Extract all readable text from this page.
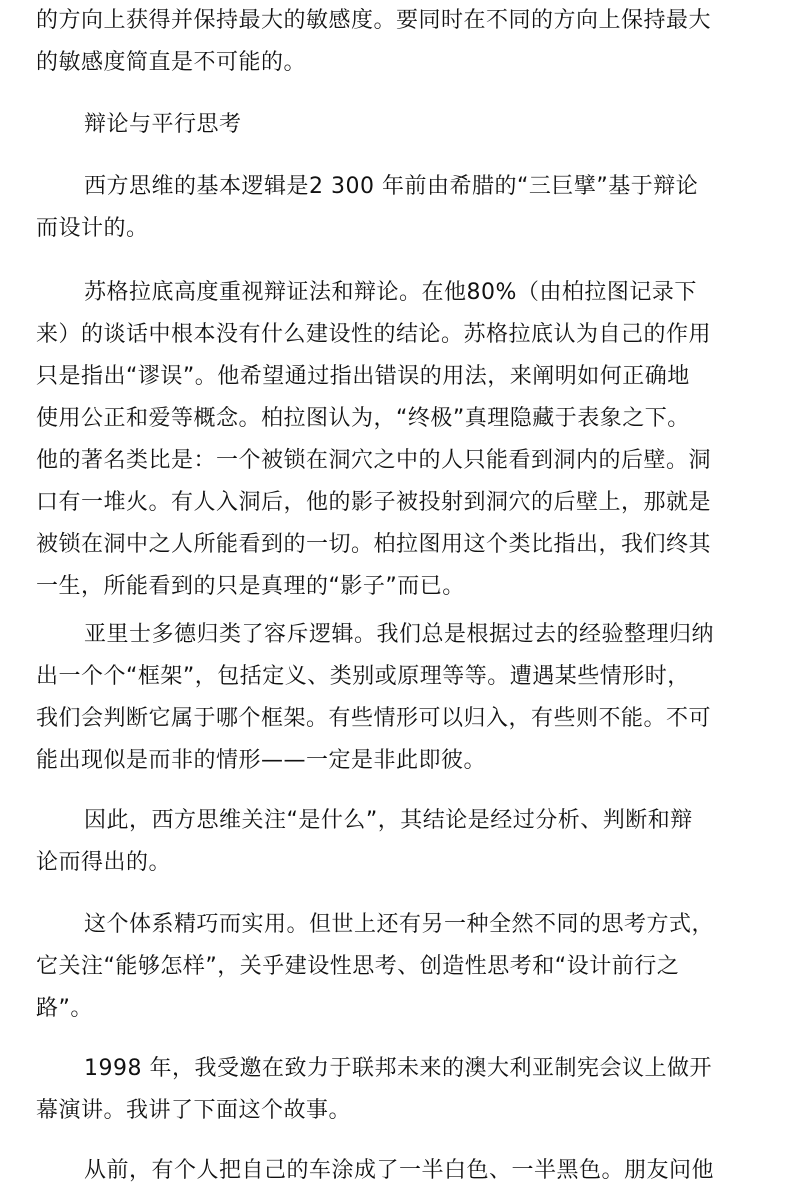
的方向上获得并保持最大的敏感度。要同时在不同的方向上保持最大
的敏感度简直是不可能的。
辩论与平行思考
西方思维的基本逻辑是2 300 年前由希腊的“三巨擘”基于辩论
而设计的。
苏格拉底高度重视辩证法和辩论。在他80%（由柏拉图记录下
来）的谈话中根本没有什么建设性的结论。苏格拉底认为自己的作用
只是指出“谬误”。他希望通过指出错误的用法，来阐明如何正确地
使用公正和爱等概念。柏拉图认为，“终极”真理隐藏于表象之下。
他的著名类比是：一个被锁在洞穴之中的人只能看到洞内的后壁。洞
口有一堆火。有人入洞后，他的影子被投射到洞穴的后壁上，那就是
被锁在洞中之人所能看到的一切。柏拉图用这个类比指出，我们终其
一生，所能看到的只是真理的“影子”而已。
亚里士多德归类了容斥逻辑。我们总是根据过去的经验整理归纳
出一个个“框架”，包括定义、类别或原理等等。遭遇某些情形时，
我们会判断它属于哪个框架。有些情形可以归入，有些则不能。不可
能出现似是而非的情形——一定是非此即彼。
因此，西方思维关注“是什么”，其结论是经过分析、判断和辩
论而得出的。
这个体系精巧而实用。但世上还有另一种全然不同的思考方式，
它关注“能够怎样”，关乎建设性思考、创造性思考和“设计前行之
路”。
1998 年，我受邀在致力于联邦未来的澳大利亚制宪会议上做开
幕演讲。我讲了下面这个故事。
从前，有个人把自己的车涂成了一半白色、一半黑色。朋友问他
